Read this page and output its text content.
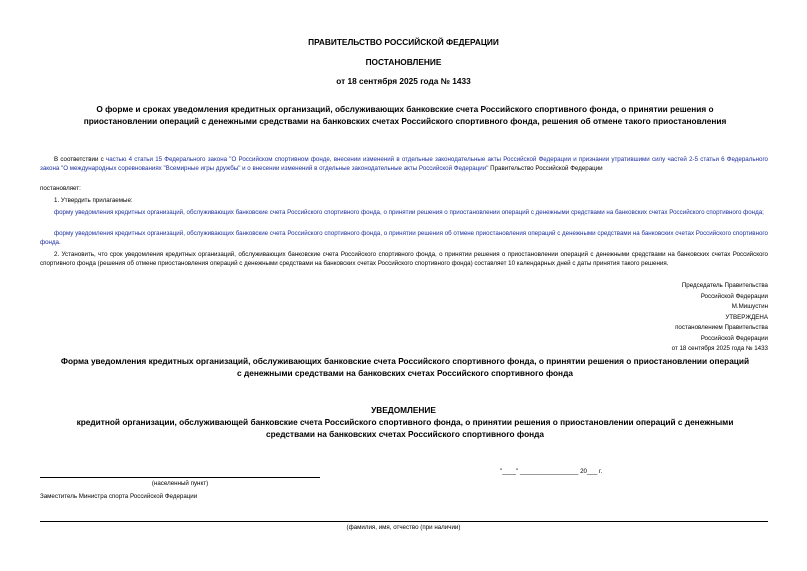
ПРАВИТЕЛЬСТВО РОССИЙСКОЙ ФЕДЕРАЦИИ
ПОСТАНОВЛЕНИЕ
от 18 сентября 2025 года № 1433
О форме и сроках уведомления кредитных организаций, обслуживающих банковские счета Российского спортивного фонда, о принятии решения о приостановлении операций с денежными средствами на банковских счетах Российского спортивного фонда, решения об отмене такого приостановления
В соответствии с частью 4 статьи 15 Федерального закона "О Российском спортивном фонде, внесении изменений в отдельные законодательные акты Российской Федерации и признании утратившими силу частей 2-5 статьи 6 Федерального закона "О международных соревнованиях "Всемирные игры дружбы" и о внесении изменений в отдельные законодательные акты Российской Федерации" Правительство Российской Федерации
постановляет:
1. Утвердить прилагаемые:
форму уведомления кредитных организаций, обслуживающих банковские счета Российского спортивного фонда, о принятии решения о приостановлении операций с денежными средствами на банковских счетах Российского спортивного фонда;
форму уведомления кредитных организаций, обслуживающих банковские счета Российского спортивного фонда, о принятии решения об отмене приостановления операций с денежными средствами на банковских счетах Российского спортивного фонда.
2. Установить, что срок уведомления кредитных организаций, обслуживающих банковские счета Российского спортивного фонда, о принятии решения о приостановлении операций с денежными средствами на банковских счетах Российского спортивного фонда (решения об отмене приостановления операций с денежными средствами на банковских счетах Российского спортивного фонда) составляет 10 календарных дней с даты принятия такого решения.
Председатель Правительства
Российской Федерации
М.Мишустин
УТВЕРЖДЕНА
постановлением Правительства
Российской Федерации
от 18 сентября 2025 года № 1433
Форма уведомления кредитных организаций, обслуживающих банковские счета Российского спортивного фонда, о принятии решения о приостановлении операций с денежными средствами на банковских счетах Российского спортивного фонда
УВЕДОМЛЕНИЕ
кредитной организации, обслуживающей банковские счета Российского спортивного фонда, о принятии решения о приостановлении операций с денежными средствами на банковских счетах Российского спортивного фонда
(населенный пункт)
"____" _________________ 20___ г.
Заместитель Министра спорта Российской Федерации
(фамилия, имя, отчество (при наличии)
